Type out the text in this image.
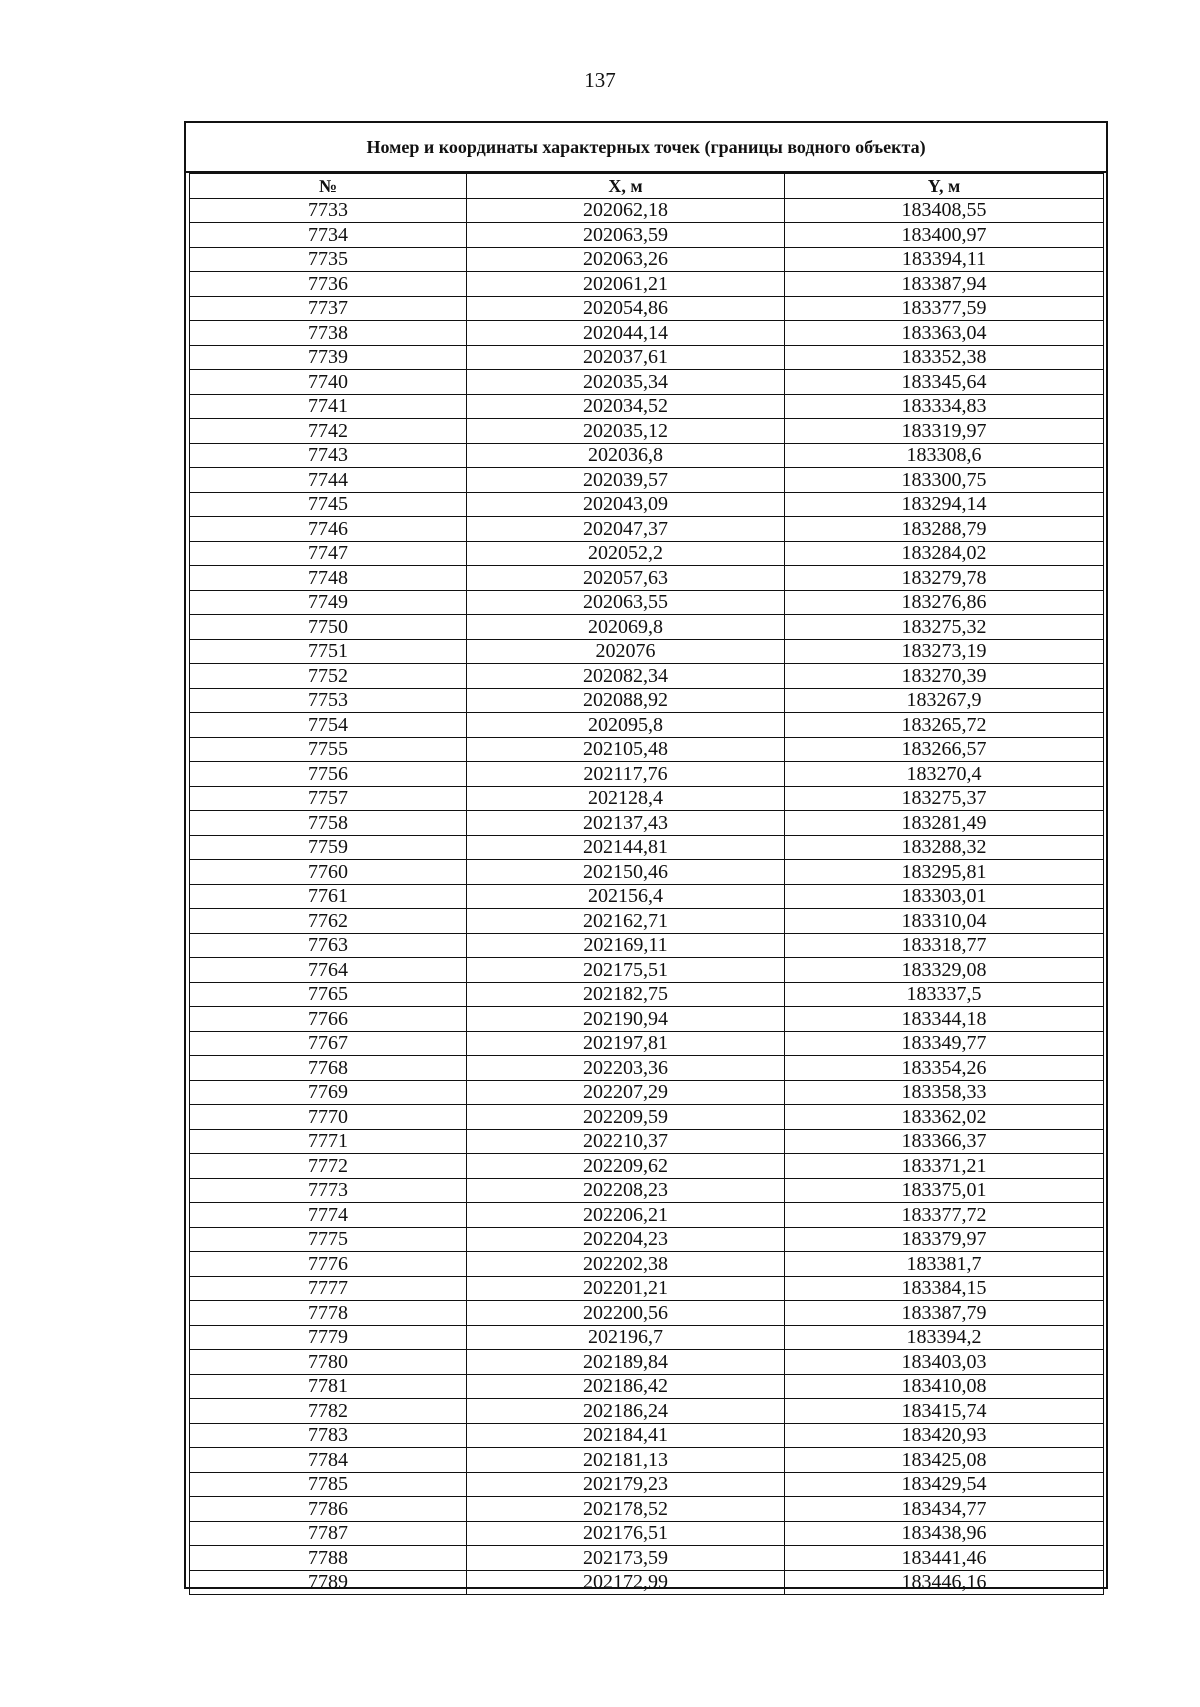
137
Номер и координаты характерных точек (границы водного объекта)
№	X, м	Y, м
7733	202062,18	183408,55
7734	202063,59	183400,97
7735	202063,26	183394,11
7736	202061,21	183387,94
7737	202054,86	183377,59
7738	202044,14	183363,04
7739	202037,61	183352,38
7740	202035,34	183345,64
7741	202034,52	183334,83
7742	202035,12	183319,97
7743	202036,8	183308,6
7744	202039,57	183300,75
7745	202043,09	183294,14
7746	202047,37	183288,79
7747	202052,2	183284,02
7748	202057,63	183279,78
7749	202063,55	183276,86
7750	202069,8	183275,32
7751	202076	183273,19
7752	202082,34	183270,39
7753	202088,92	183267,9
7754	202095,8	183265,72
7755	202105,48	183266,57
7756	202117,76	183270,4
7757	202128,4	183275,37
7758	202137,43	183281,49
7759	202144,81	183288,32
7760	202150,46	183295,81
7761	202156,4	183303,01
7762	202162,71	183310,04
7763	202169,11	183318,77
7764	202175,51	183329,08
7765	202182,75	183337,5
7766	202190,94	183344,18
7767	202197,81	183349,77
7768	202203,36	183354,26
7769	202207,29	183358,33
7770	202209,59	183362,02
7771	202210,37	183366,37
7772	202209,62	183371,21
7773	202208,23	183375,01
7774	202206,21	183377,72
7775	202204,23	183379,97
7776	202202,38	183381,7
7777	202201,21	183384,15
7778	202200,56	183387,79
7779	202196,7	183394,2
7780	202189,84	183403,03
7781	202186,42	183410,08
7782	202186,24	183415,74
7783	202184,41	183420,93
7784	202181,13	183425,08
7785	202179,23	183429,54
7786	202178,52	183434,77
7787	202176,51	183438,96
7788	202173,59	183441,46
7789	202172,99	183446,16
